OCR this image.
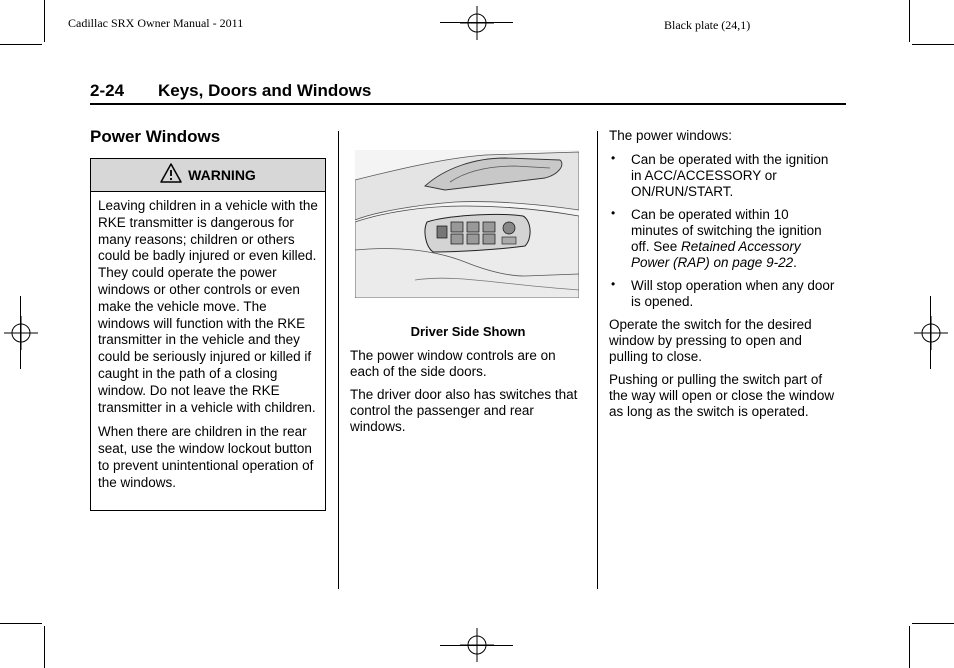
Cadillac SRX Owner Manual - 2011	Black plate (24,1)
2-24 Keys, Doors and Windows
Power Windows
WARNING

Leaving children in a vehicle with the RKE transmitter is dangerous for many reasons; children or others could be badly injured or even killed. They could operate the power windows or other controls or even make the vehicle move. The windows will function with the RKE transmitter in the vehicle and they could be seriously injured or killed if caught in the path of a closing window. Do not leave the RKE transmitter in a vehicle with children.

When there are children in the rear seat, use the window lockout button to prevent unintentional operation of the windows.

Driver Side Shown

The power window controls are on each of the side doors.

The driver door also has switches that control the passenger and rear windows.

The power windows:

• Can be operated with the ignition in ACC/ACCESSORY or ON/RUN/START.
• Can be operated within 10 minutes of switching the ignition off. See Retained Accessory Power (RAP) on page 9-22.
• Will stop operation when any door is opened.

Operate the switch for the desired window by pressing to open and pulling to close.

Pushing or pulling the switch part of the way will open or close the window as long as the switch is operated.
